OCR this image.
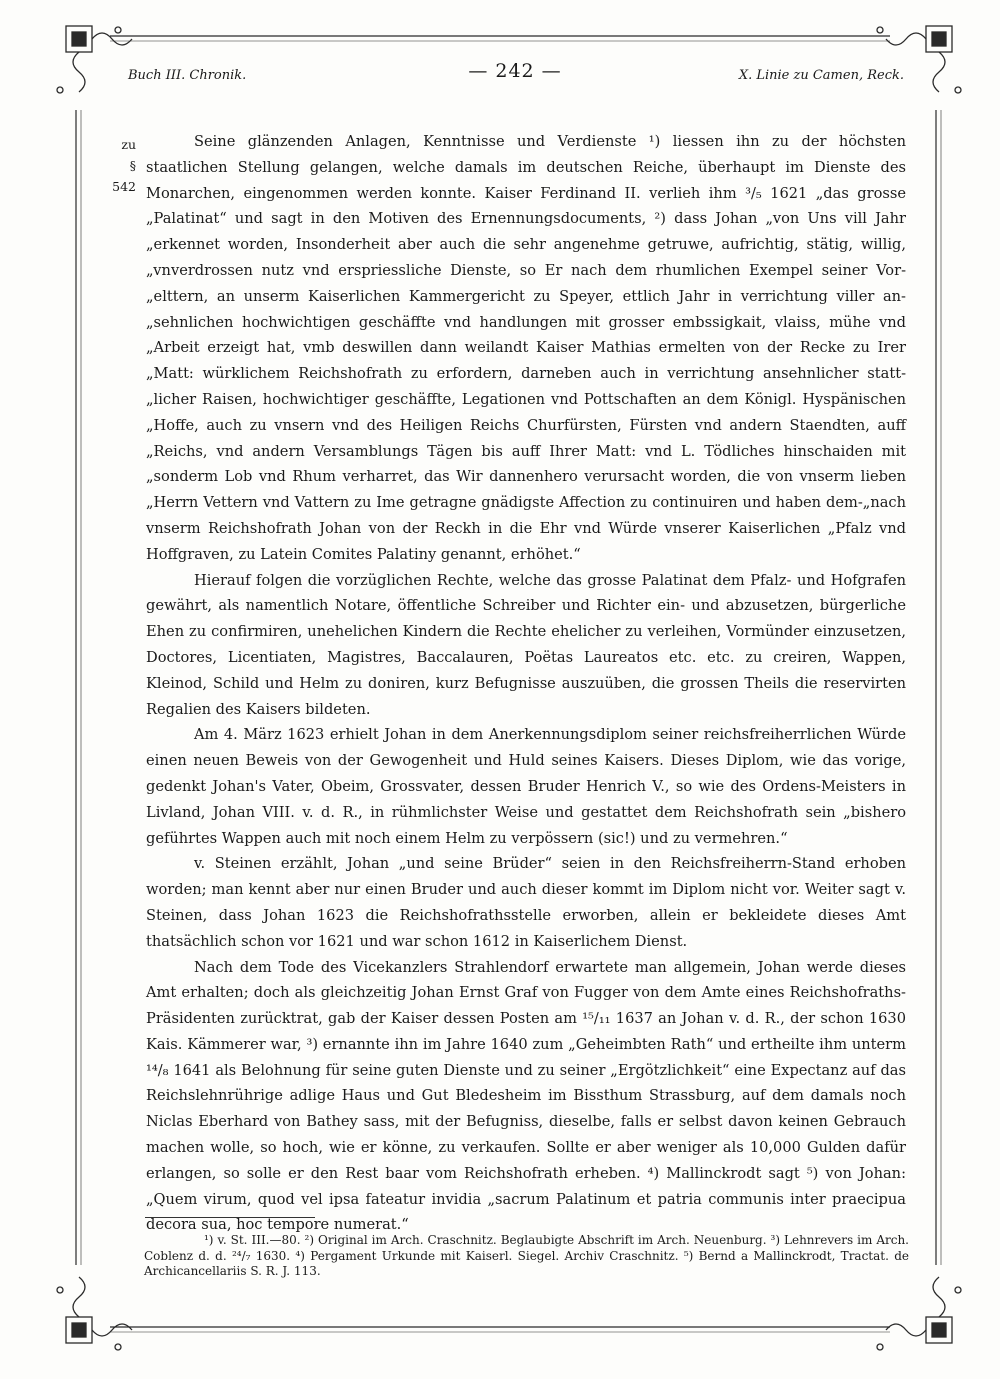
Buch III. Chronik.	— 242 —	X. Linie zu Camen, Reck.
zu
§ 542

Seine glänzenden Anlagen, Kenntnisse und Verdienste ¹) liessen ihn zu der höchsten staatlichen Stellung gelangen, welche damals im deutschen Reiche, überhaupt im Dienste des Monarchen, eingenommen werden konnte. Kaiser Ferdinand II. verlieh ihm ³/₅ 1621 „das grosse „Palatinat“ und sagt in den Motiven des Ernennungsdocuments, ²) dass Johan „von Uns vill Jahr „erkennet worden, Insonderheit aber auch die sehr angenehme getruwe, aufrichtig, stätig, willig, „vnverdrossen nutz vnd erspriessliche Dienste, so Er nach dem rhumlichen Exempel seiner Vor-„elttern, an unserm Kaiserlichen Kammergericht zu Speyer, ettlich Jahr in verrichtung viller an-„sehnlichen hochwichtigen geschäffte vnd handlungen mit grosser embssigkait, vlaiss, mühe vnd „Arbeit erzeigt hat, vmb deswillen dann weilandt Kaiser Mathias ermelten von der Recke zu Irer „Matt: würklichem Reichshofrath zu erfordern, darneben auch in verrichtung ansehnlicher statt-„licher Raisen, hochwichtiger geschäffte, Legationen vnd Pottschaften an dem Königl. Hyspänischen „Hoffe, auch zu vnsern vnd des Heiligen Reichs Churfürsten, Fürsten vnd andern Staendten, auff „Reichs, vnd andern Versamblungs Tägen bis auff Ihrer Matt: vnd L. Tödliches hinschaiden mit „sonderm Lob vnd Rhum verharret, das Wir dannenhero verursacht worden, die von vnserm lieben „Herrn Vettern vnd Vattern zu Ime getragne gnädigste Affection zu continuiren und haben dem-„nach vnserm Reichshofrath Johan von der Reckh in die Ehr vnd Würde vnserer Kaiserlichen „Pfalz vnd Hoffgraven, zu Latein Comites Palatiny genannt, erhöhet.“

Hierauf folgen die vorzüglichen Rechte, welche das grosse Palatinat dem Pfalz- und Hofgrafen gewährt, als namentlich Notare, öffentliche Schreiber und Richter ein- und abzusetzen, bürgerliche Ehen zu confirmiren, unehelichen Kindern die Rechte ehelicher zu verleihen, Vormünder einzusetzen, Doctores, Licentiaten, Magistres, Baccalauren, Poëtas Laureatos etc. etc. zu creiren, Wappen, Kleinod, Schild und Helm zu doniren, kurz Befugnisse auszuüben, die grossen Theils die reservirten Regalien des Kaisers bildeten.

Am 4. März 1623 erhielt Johan in dem Anerkennungsdiplom seiner reichsfreiherrlichen Würde einen neuen Beweis von der Gewogenheit und Huld seines Kaisers. Dieses Diplom, wie das vorige, gedenkt Johan's Vater, Obeim, Grossvater, dessen Bruder Henrich V., so wie des Ordens-Meisters in Livland, Johan VIII. v. d. R., in rühmlichster Weise und gestattet dem Reichshofrath sein „bishero geführtes Wappen auch mit noch einem Helm zu verpössern (sic!) und zu vermehren.“

v. Steinen erzählt, Johan „und seine Brüder“ seien in den Reichsfreiherrn-Stand erhoben worden; man kennt aber nur einen Bruder und auch dieser kommt im Diplom nicht vor. Weiter sagt v. Steinen, dass Johan 1623 die Reichshofrathsstelle erworben, allein er bekleidete dieses Amt thatsächlich schon vor 1621 und war schon 1612 in Kaiserlichem Dienst.

Nach dem Tode des Vicekanzlers Strahlendorf erwartete man allgemein, Johan werde dieses Amt erhalten; doch als gleichzeitig Johan Ernst Graf von Fugger von dem Amte eines Reichshofraths-Präsidenten zurücktrat, gab der Kaiser dessen Posten am ¹⁵/₁₁ 1637 an Johan v. d. R., der schon 1630 Kais. Kämmerer war, ³) ernannte ihn im Jahre 1640 zum „Geheimbten Rath“ und ertheilte ihm unterm ¹⁴/₈ 1641 als Belohnung für seine guten Dienste und zu seiner „Ergötzlichkeit“ eine Expectanz auf das Reichslehnrührige adlige Haus und Gut Bledesheim im Bissthum Strassburg, auf dem damals noch Niclas Eberhard von Bathey sass, mit der Befugniss, dieselbe, falls er selbst davon keinen Gebrauch machen wolle, so hoch, wie er könne, zu verkaufen. Sollte er aber weniger als 10,000 Gulden dafür erlangen, so solle er den Rest baar vom Reichshofrath erheben. ⁴) Mallinckrodt sagt ⁵) von Johan: „Quem virum, quod vel ipsa fateatur invidia „sacrum Palatinum et patria communis inter praecipua decora sua, hoc tempore numerat.“

¹) v. St. III.—80. ²) Original im Arch. Craschnitz. Beglaubigte Abschrift im Arch. Neuenburg. ³) Lehnrevers im Arch. Coblenz d. d. ²⁴/₇ 1630. ⁴) Pergament Urkunde mit Kaiserl. Siegel. Archiv Craschnitz. ⁵) Bernd a Mallinckrodt, Tractat. de Archicancellariis S. R. J. 113.
